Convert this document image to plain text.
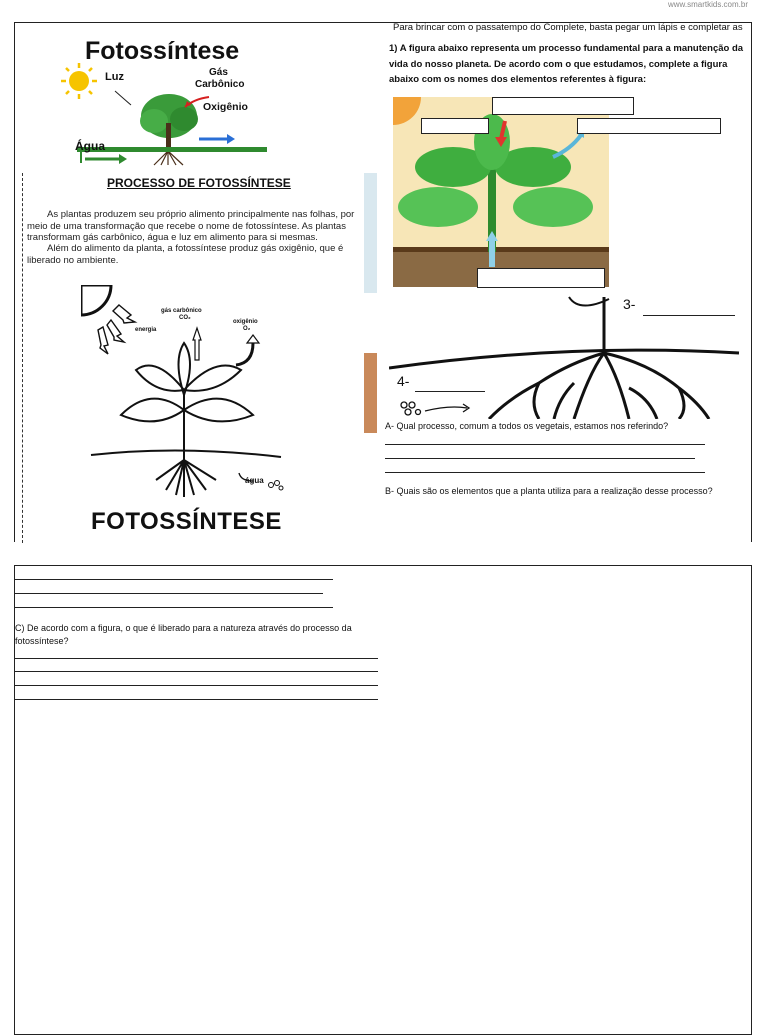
www.smartkids.com.br
Fotossíntese
Luz	Gás
Carbônico
Oxigênio
Água
PROCESSO DE FOTOSSÍNTESE
As plantas produzem seu próprio alimento principalmente nas folhas, por meio de uma transformação que recebe o nome de fotossíntese. As plantas transformam gás carbônico, água e luz em alimento para si mesmas.
Além do alimento da planta, a fotossíntese produz gás oxigênio, que é liberado no ambiente.
gás carbônico
CO₂
energia
oxigênio
O₂
água
FOTOSSÍNTESE
Para brincar com o passatempo do Complete, basta pegar um lápis e completar as
1) A figura abaixo representa um processo fundamental para a manutenção da vida do nosso planeta. De acordo com o que estudamos, complete a figura abaixo com os nomes dos elementos referentes à figura:
3-
4-
A- Qual processo, comum a todos os vegetais, estamos nos referindo?
B- Quais são os elementos que a planta utiliza para a realização desse processo?
C) De acordo com a figura, o que é liberado para a natureza através do processo da fotossíntese?
